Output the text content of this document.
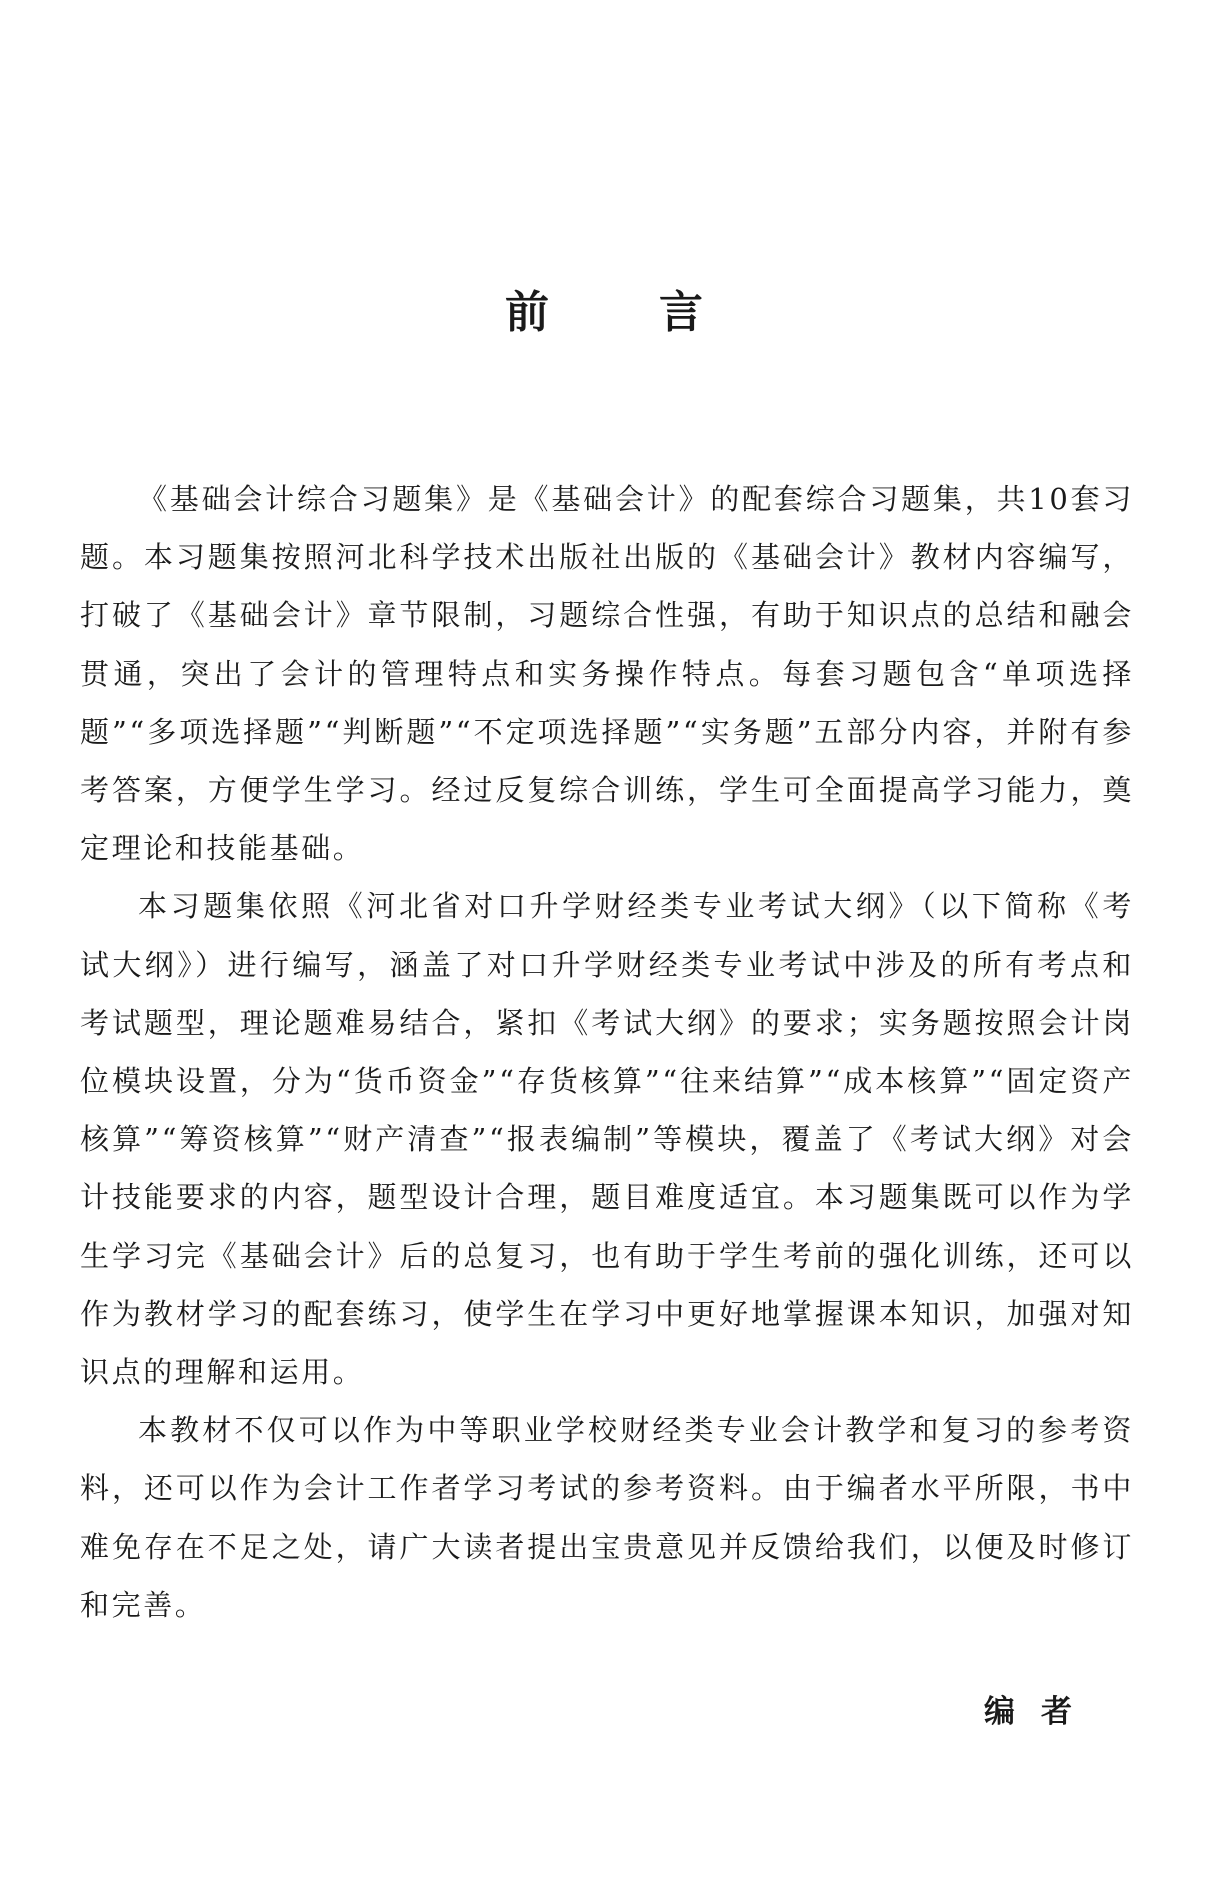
前	言

《基础会计综合习题集》是《基础会计》的配套综合习题集，共10套习题。本习题集按照河北科学技术出版社出版的《基础会计》教材内容编写，打破了《基础会计》章节限制，习题综合性强，有助于知识点的总结和融会贯通，突出了会计的管理特点和实务操作特点。每套习题包含“单项选择题”“多项选择题”“判断题”“不定项选择题”“实务题”五部分内容，并附有参考答案，方便学生学习。经过反复综合训练，学生可全面提高学习能力，奠定理论和技能基础。

本习题集依照《河北省对口升学财经类专业考试大纲》（以下简称《考试大纲》）进行编写，涵盖了对口升学财经类专业考试中涉及的所有考点和考试题型，理论题难易结合，紧扣《考试大纲》的要求；实务题按照会计岗位模块设置，分为“货币资金”“存货核算”“往来结算”“成本核算”“固定资产核算”“筹资核算”“财产清查”“报表编制”等模块，覆盖了《考试大纲》对会计技能要求的内容，题型设计合理，题目难度适宜。本习题集既可以作为学生学习完《基础会计》后的总复习，也有助于学生考前的强化训练，还可以作为教材学习的配套练习，使学生在学习中更好地掌握课本知识，加强对知识点的理解和运用。

本教材不仅可以作为中等职业学校财经类专业会计教学和复习的参考资料，还可以作为会计工作者学习考试的参考资料。由于编者水平所限，书中难免存在不足之处，请广大读者提出宝贵意见并反馈给我们，以便及时修订和完善。

编 者
